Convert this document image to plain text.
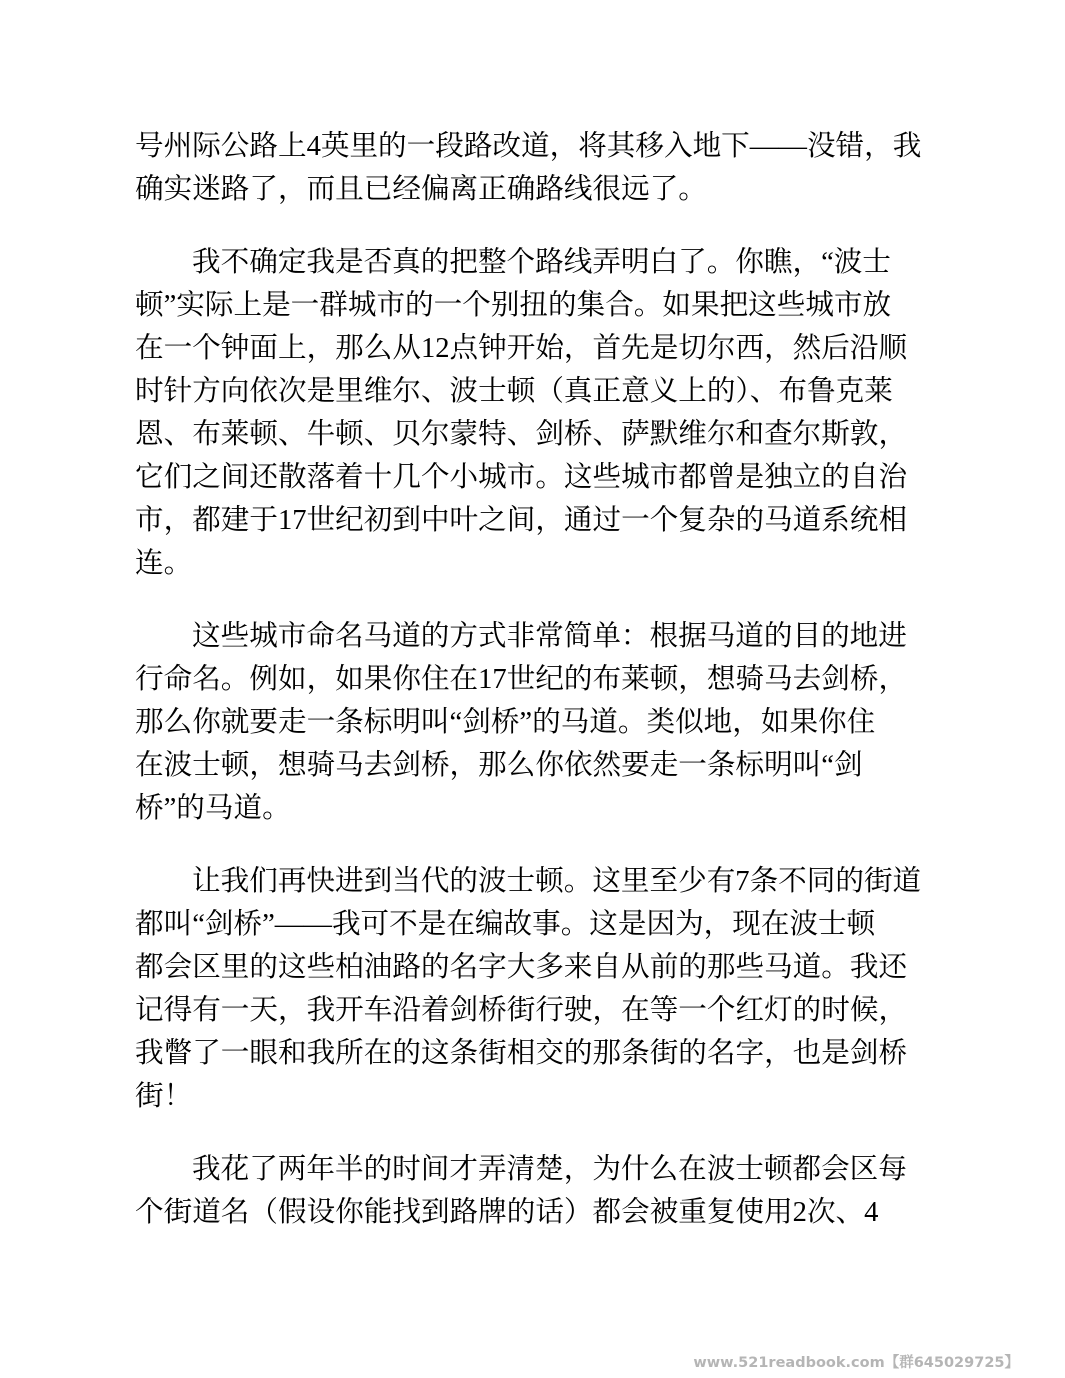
号州际公路上4英里的一段路改道，将其移入地下——没错，我
确实迷路了，而且已经偏离正确路线很远了。

我不确定我是否真的把整个路线弄明白了。你瞧，“波士
顿”实际上是一群城市的一个别扭的集合。如果把这些城市放
在一个钟面上，那么从12点钟开始，首先是切尔西，然后沿顺
时针方向依次是里维尔、波士顿（真正意义上的）、布鲁克莱
恩、布莱顿、牛顿、贝尔蒙特、剑桥、萨默维尔和查尔斯敦，
它们之间还散落着十几个小城市。这些城市都曾是独立的自治
市，都建于17世纪初到中叶之间，通过一个复杂的马道系统相
连。

这些城市命名马道的方式非常简单：根据马道的目的地进
行命名。例如，如果你住在17世纪的布莱顿，想骑马去剑桥，
那么你就要走一条标明叫“剑桥”的马道。类似地，如果你住
在波士顿，想骑马去剑桥，那么你依然要走一条标明叫“剑
桥”的马道。

让我们再快进到当代的波士顿。这里至少有7条不同的街道
都叫“剑桥”——我可不是在编故事。这是因为，现在波士顿
都会区里的这些柏油路的名字大多来自从前的那些马道。我还
记得有一天，我开车沿着剑桥街行驶，在等一个红灯的时候，
我瞥了一眼和我所在的这条街相交的那条街的名字，也是剑桥
街！

我花了两年半的时间才弄清楚，为什么在波士顿都会区每
个街道名（假设你能找到路牌的话）都会被重复使用2次、4

www.521readbook.com【群645029725】
